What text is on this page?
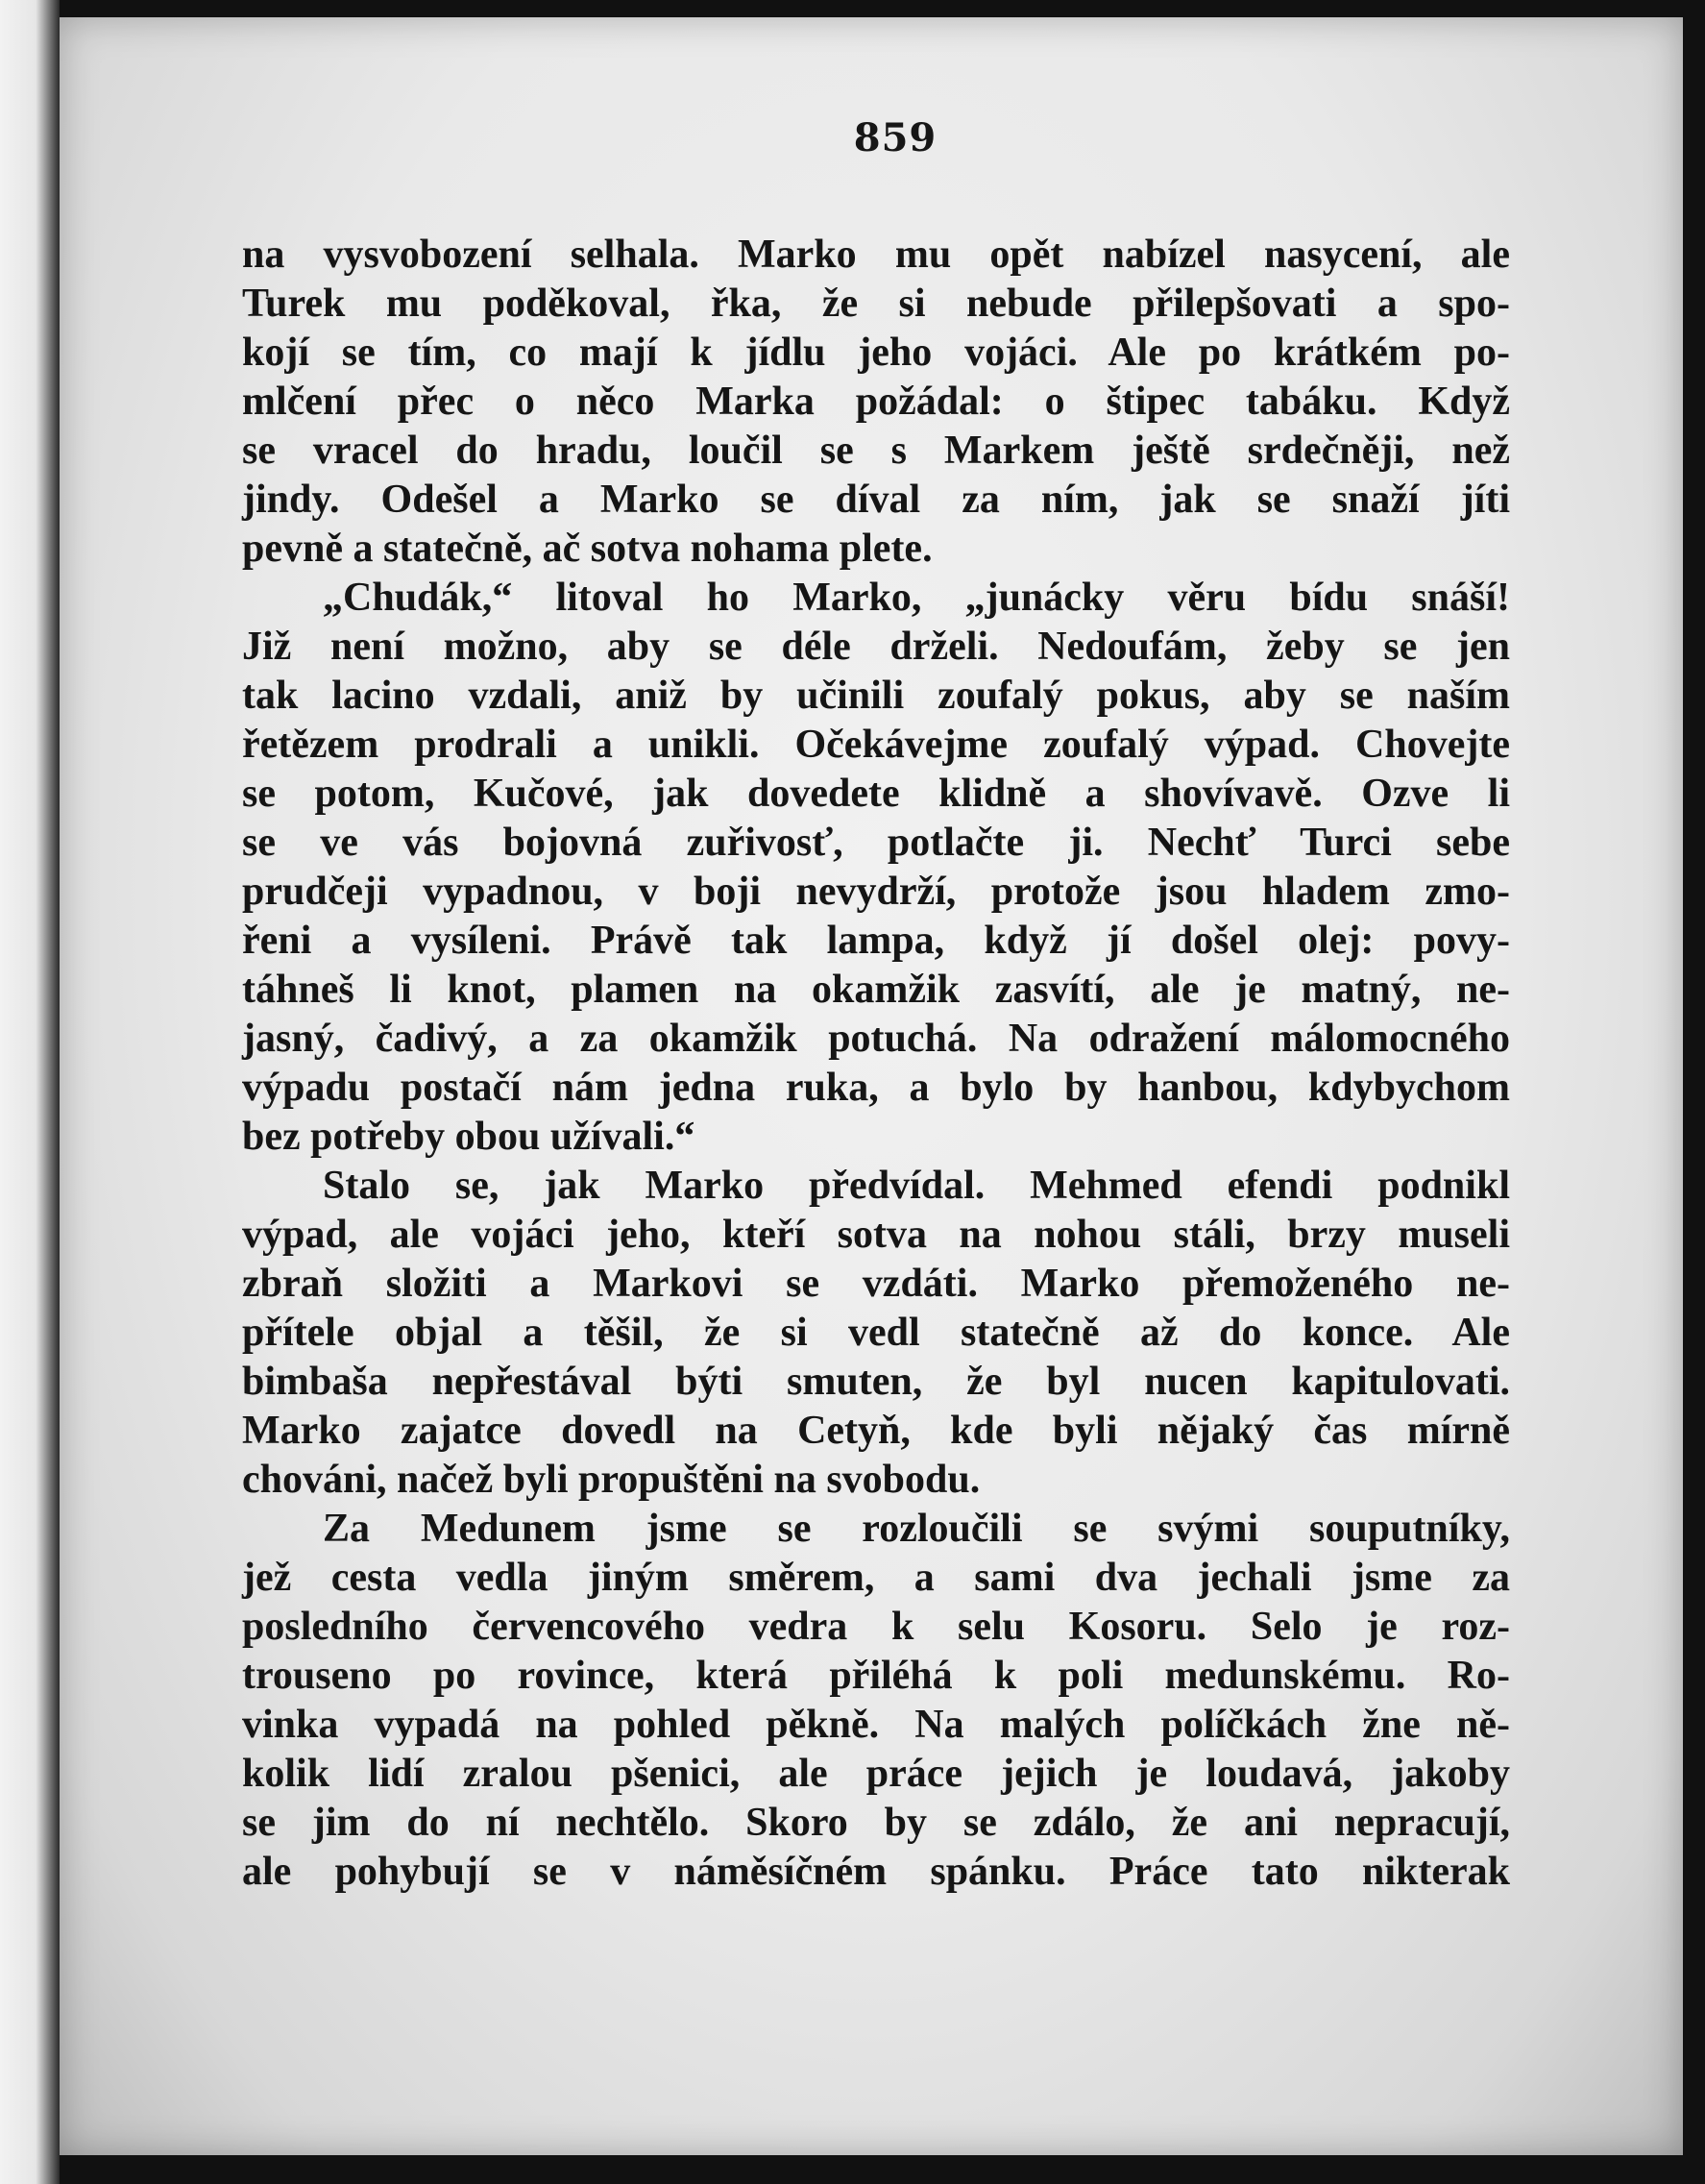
859
na vysvobození selhala. Marko mu opět nabízel nasycení, ale
Turek mu poděkoval, řka, že si nebude přilepšovati a spo-
kojí se tím, co mají k jídlu jeho vojáci. Ale po krátkém po-
mlčení přec o něco Marka požádal: o štipec tabáku. Když
se vracel do hradu, loučil se s Markem ještě srdečněji, než
jindy. Odešel a Marko se díval za ním, jak se snaží jíti
pevně a statečně, ač sotva nohama plete.
„Chudák,“ litoval ho Marko, „junácky věru bídu snáší!
Již není možno, aby se déle drželi. Nedoufám, žeby se jen
tak lacino vzdali, aniž by učinili zoufalý pokus, aby se naším
řetězem prodrali a unikli. Očekávejme zoufalý výpad. Chovejte
se potom, Kučové, jak dovedete klidně a shovívavě. Ozve li
se ve vás bojovná zuřivosť, potlačte ji. Nechť Turci sebe
prudčeji vypadnou, v boji nevydrží, protože jsou hladem zmo-
řeni a vysíleni. Právě tak lampa, když jí došel olej: povy-
táhneš li knot, plamen na okamžik zasvítí, ale je matný, ne-
jasný, čadivý, a za okamžik potuchá. Na odražení málomocného
výpadu postačí nám jedna ruka, a bylo by hanbou, kdybychom
bez potřeby obou užívali.“
Stalo se, jak Marko předvídal. Mehmed efendi podnikl
výpad, ale vojáci jeho, kteří sotva na nohou stáli, brzy museli
zbraň složiti a Markovi se vzdáti. Marko přemoženého ne-
přítele objal a těšil, že si vedl statečně až do konce. Ale
bimbaša nepřestával býti smuten, že byl nucen kapitulovati.
Marko zajatce dovedl na Cetyň, kde byli nějaký čas mírně
chováni, načež byli propuštěni na svobodu.
Za Medunem jsme se rozloučili se svými souputníky,
jež cesta vedla jiným směrem, a sami dva jechali jsme za
posledního červencového vedra k selu Kosoru. Selo je roz-
trouseno po rovince, která přiléhá k poli medunskému. Ro-
vinka vypadá na pohled pěkně. Na malých políčkách žne ně-
kolik lidí zralou pšenici, ale práce jejich je loudavá, jakoby
se jim do ní nechtělo. Skoro by se zdálo, že ani nepracují,
ale pohybují se v náměsíčném spánku. Práce tato nikterak
